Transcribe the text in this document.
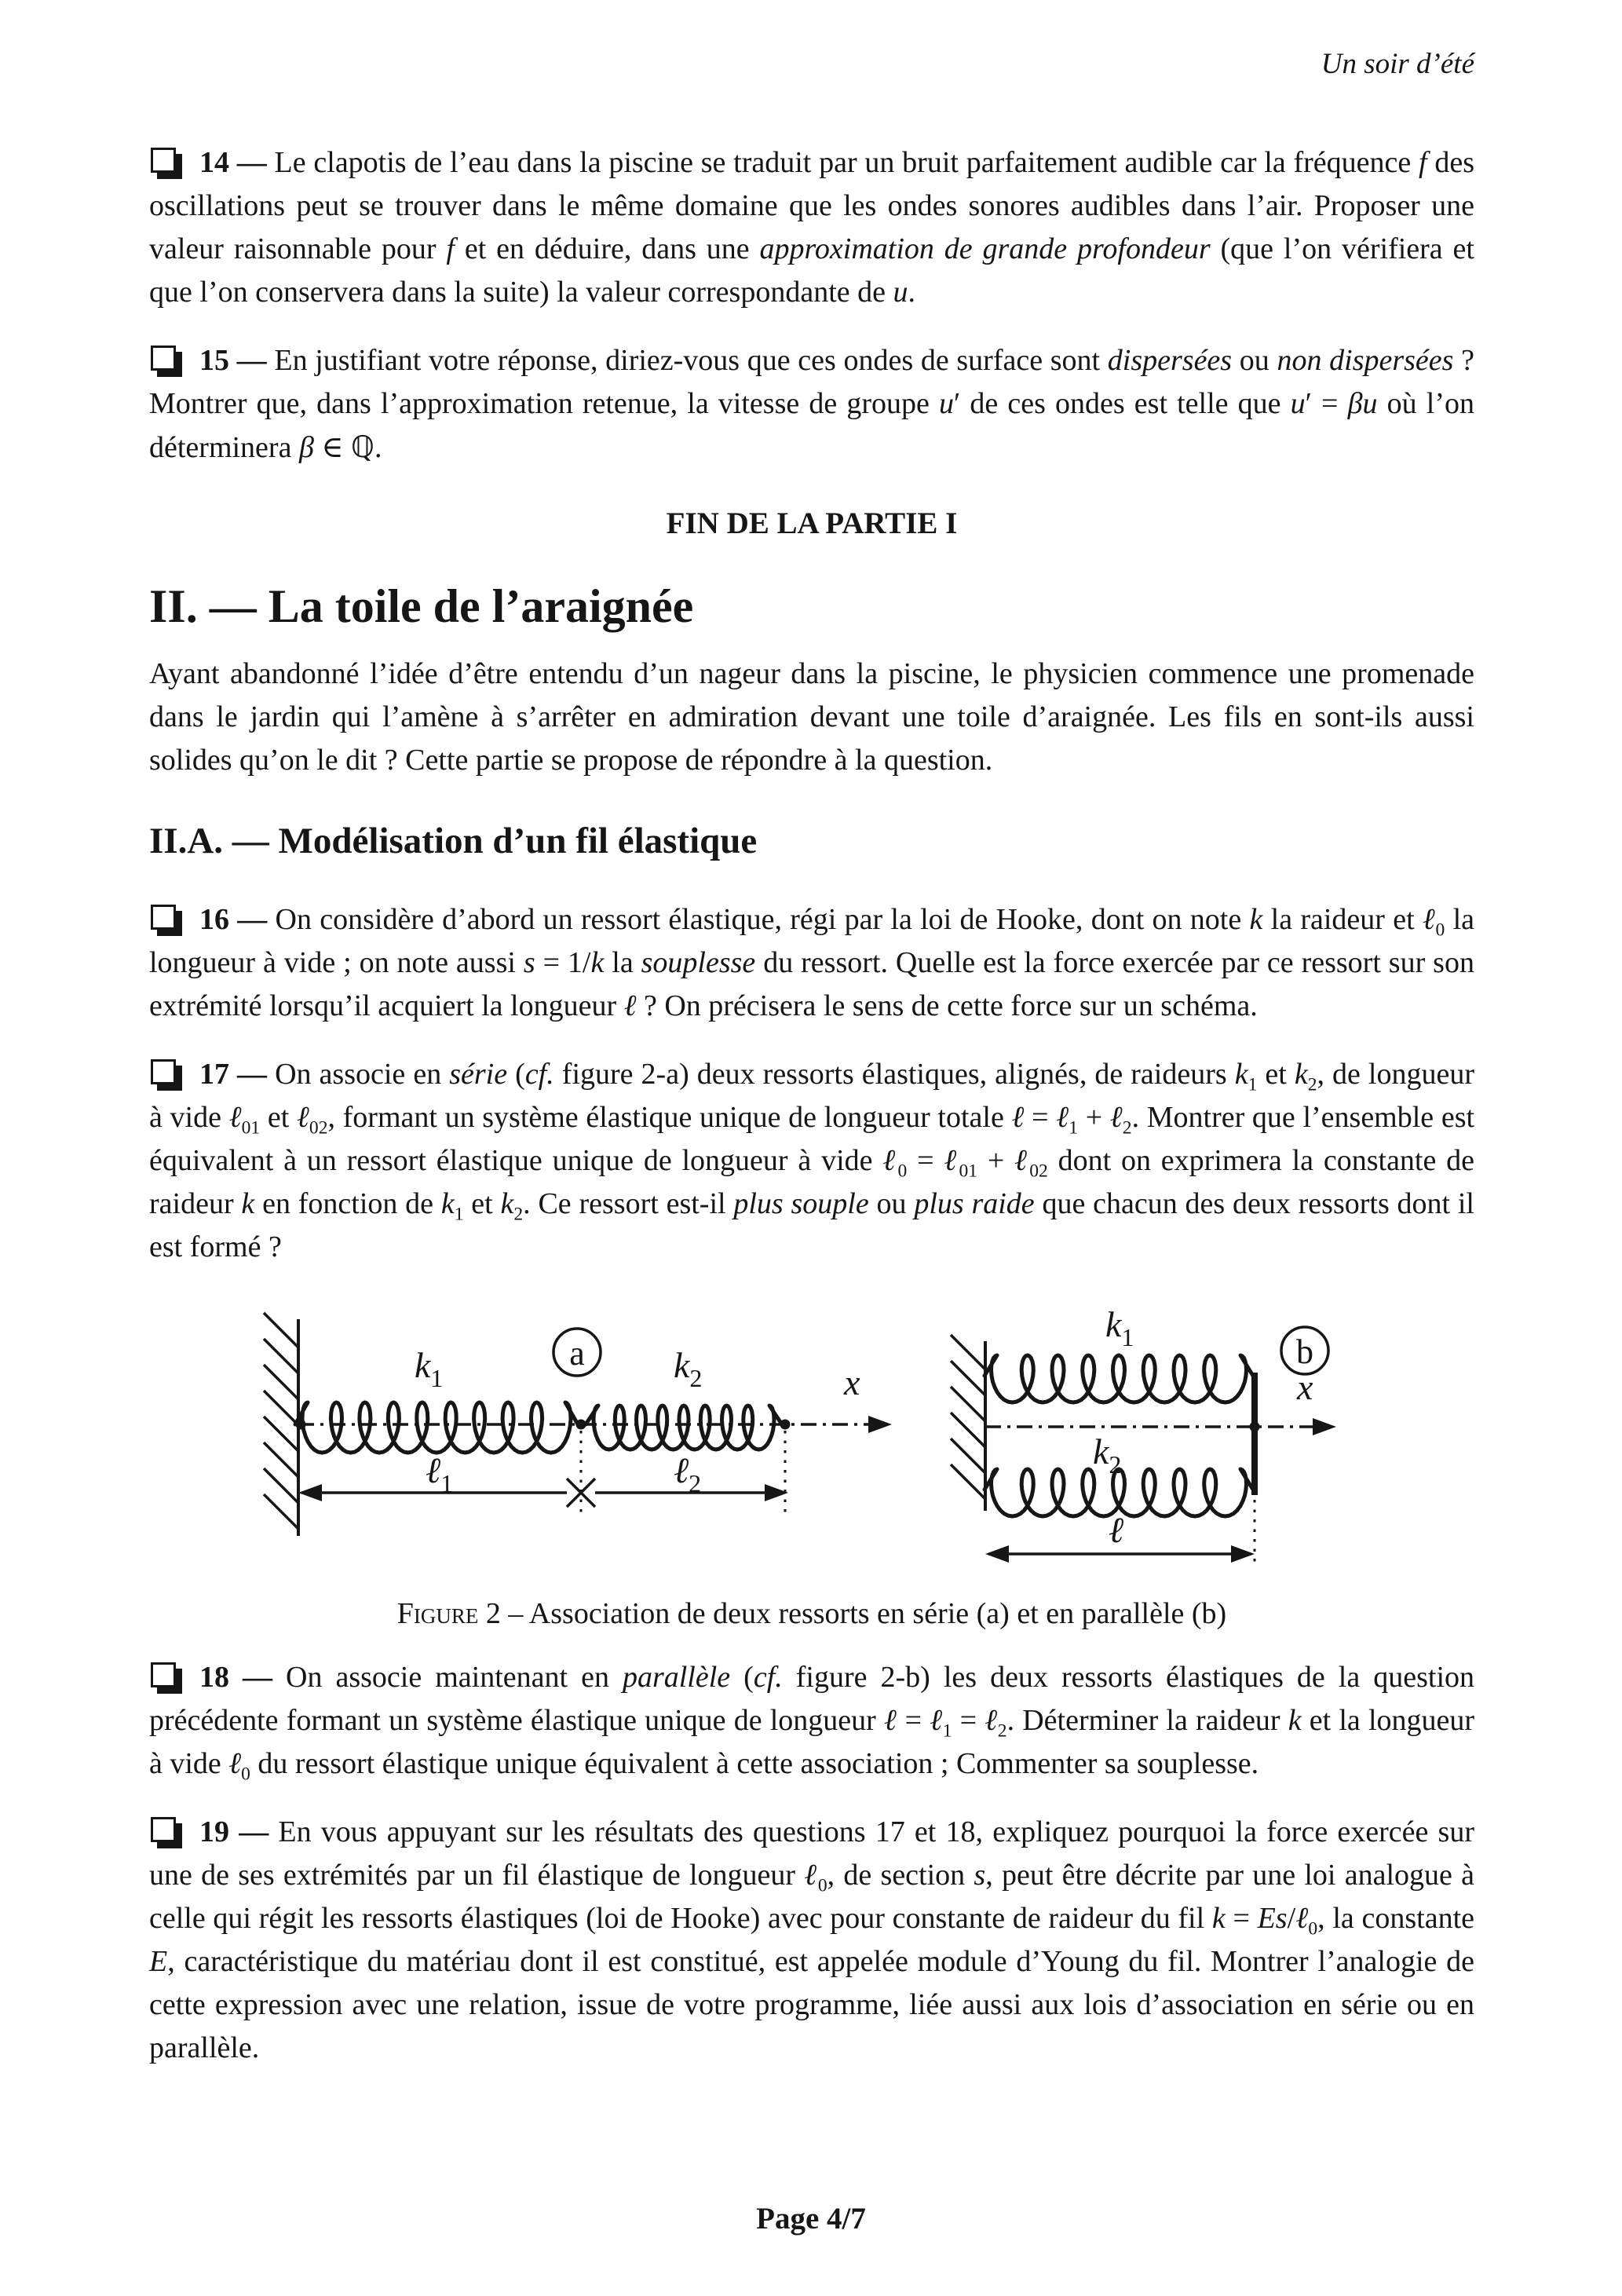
Un soir d’été

14 — Le clapotis de l’eau dans la piscine se traduit par un bruit parfaitement audible car la fréquence f des oscillations peut se trouver dans le même domaine que les ondes sonores audibles dans l’air. Proposer une valeur raisonnable pour f et en déduire, dans une approximation de grande profondeur (que l’on vérifiera et que l’on conservera dans la suite) la valeur correspondante de u.

15 — En justifiant votre réponse, diriez-vous que ces ondes de surface sont dispersées ou non dispersées ? Montrer que, dans l’approximation retenue, la vitesse de groupe u′ de ces ondes est telle que u′ = βu où l’on déterminera β ∈ ℚ.

FIN DE LA PARTIE I
II. — La toile de l’araignée

Ayant abandonné l’idée d’être entendu d’un nageur dans la piscine, le physicien commence une promenade dans le jardin qui l’amène à s’arrêter en admiration devant une toile d’araignée. Les fils en sont-ils aussi solides qu’on le dit ? Cette partie se propose de répondre à la question.

II.A. — Modélisation d’un fil élastique

16 — On considère d’abord un ressort élastique, régi par la loi de Hooke, dont on note k la raideur et ℓ$_0$ la longueur à vide ; on note aussi s = 1/k la souplesse du ressort. Quelle est la force exercée par ce ressort sur son extrémité lorsqu’il acquiert la longueur ℓ ? On précisera le sens de cette force sur un schéma.

17 — On associe en série (cf. figure 2-a) deux ressorts élastiques, alignés, de raideurs $k_1$ et $k_2$, de longueur à vide ℓ$_{01}$ et ℓ$_{02}$, formant un système élastique unique de longueur totale ℓ = ℓ$_1$ + ℓ$_2$. Montrer que l’ensemble est équivalent à un ressort élastique unique de longueur à vide ℓ$_0$ = ℓ$_{01}$ + ℓ$_{02}$ dont on exprimera la constante de raideur k en fonction de $k_1$ et $k_2$. Ce ressort est-il plus souple ou plus raide que chacun des deux ressorts dont il est formé ?

x
$k_1$	$k_2$
a
ℓ$_1$	ℓ$_2$
x
$k_1$
$k_2$
b
ℓ
Figure 2 – Association de deux ressorts en série (a) et en parallèle (b)

18 — On associe maintenant en parallèle (cf. figure 2-b) les deux ressorts élastiques de la question précédente formant un système élastique unique de longueur ℓ = ℓ$_1$ = ℓ$_2$. Déterminer la raideur k et la longueur à vide ℓ$_0$ du ressort élastique unique équivalent à cette association ; Commenter sa souplesse.

19 — En vous appuyant sur les résultats des questions 17 et 18, expliquez pourquoi la force exercée sur une de ses extrémités par un fil élastique de longueur ℓ$_0$, de section s, peut être décrite par une loi analogue à celle qui régit les ressorts élastiques (loi de Hooke) avec pour constante de raideur du fil k = Es/ℓ$_0$, la constante E, caractéristique du matériau dont il est constitué, est appelée module d’Young du fil. Montrer l’analogie de cette expression avec une relation, issue de votre programme, liée aussi aux lois d’association en série ou en parallèle.

Page 4/7
